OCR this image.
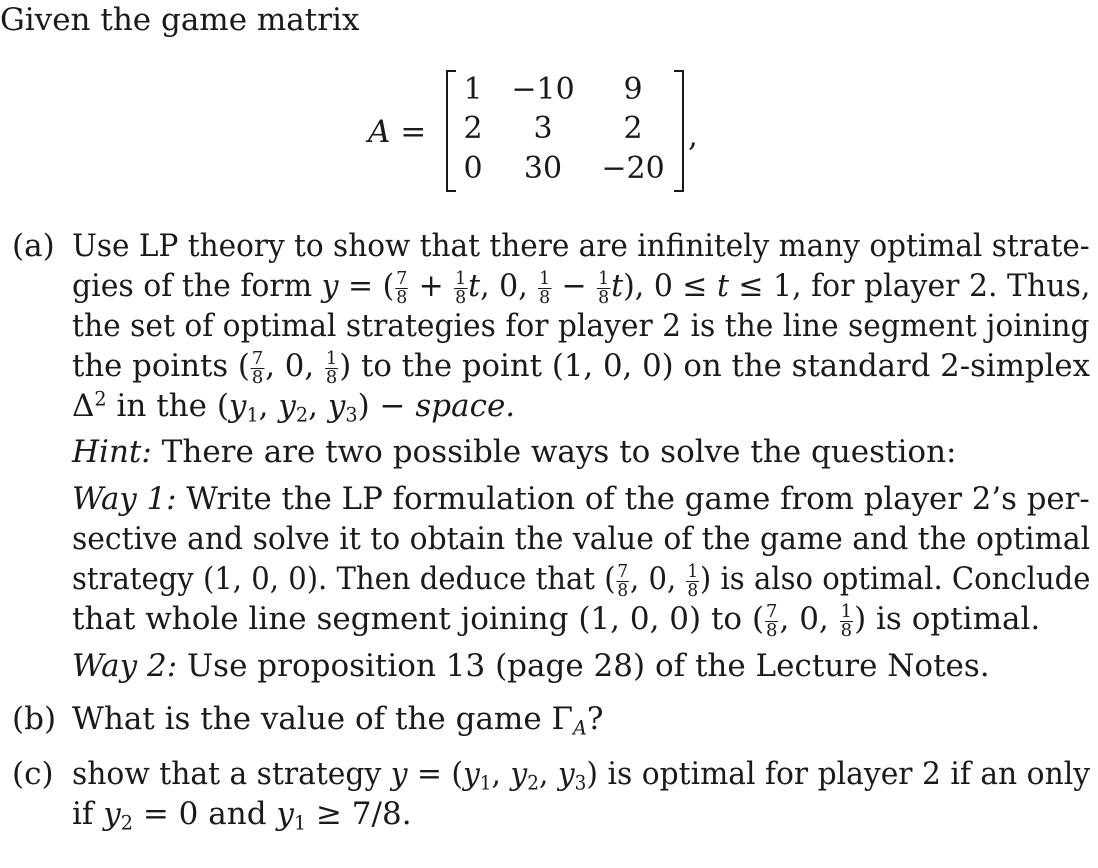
Given the game matrix
A =
1 −10	9
2	3	2
0	30	−20
,
(a) Use LP theory to show that there are infinitely many optimal strate-
gies of the form y = ( $\frac{7}{8} + \frac{1}{8} t$, 0, $\frac{1}{8} - \frac{1}{8} t$), 0 ≤ t ≤ 1, for player 2. Thus,
the set of optimal strategies for player 2 is the line segment joining
the points ( $\frac{7}{8}$ , 0, $\frac{1}{8}$ ) to the point (1, 0, 0) on the standard 2-simplex
$\Delta^2$ in the ($y_1$, $y_2$, $y_3$) − space.
Hint: There are two possible ways to solve the question:
Way 1: Write the LP formulation of the game from player 2’s per-
sective and solve it to obtain the value of the game and the optimal
strategy (1, 0, 0). Then deduce that ( $\frac{7}{8}$ , 0, $\frac{1}{8}$ ) is also optimal. Conclude
that whole line segment joining (1, 0, 0) to ( $\frac{7}{8}$ , 0, $\frac{1}{8}$ ) is optimal.
Way 2: Use proposition 13 (page 28) of the Lecture Notes.
(b) What is the value of the game $\Gamma_A$?
(c) show that a strategy $y = (y_1$, $y_2$, $y_3$) is optimal for player 2 if an only
if $y_2 = 0$ and $y_1 \ge 7/8$.
